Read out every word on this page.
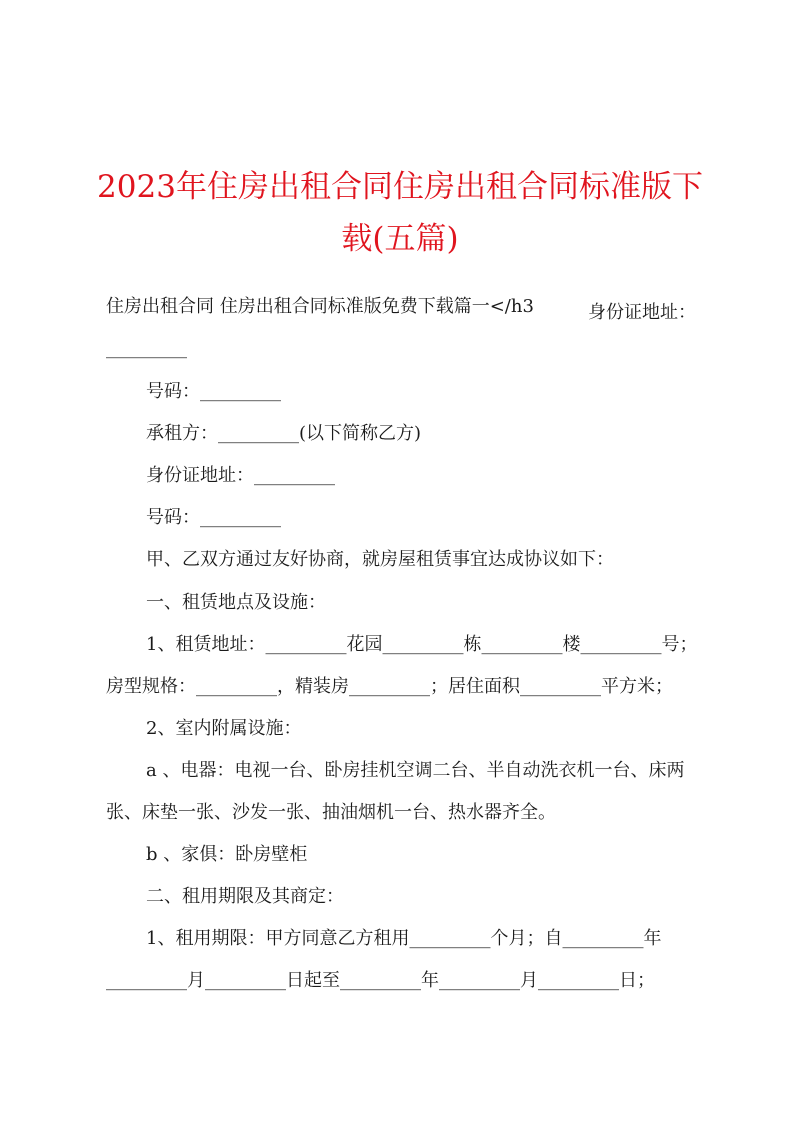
2023年住房出租合同住房出租合同标准版下
载(五篇)
住房出租合同 住房出租合同标准版免费下载篇一</h3	身份证地址：
_________
号码：_________
承租方：_________(以下简称乙方)
身份证地址：_________
号码：_________
甲、乙双方通过友好协商，就房屋租赁事宜达成协议如下：
一、租赁地点及设施：
1、租赁地址：_________花园_________栋_________楼_________号；
房型规格：_________，精装房_________；居住面积_________平方米；
2、室内附属设施：
a 、电器：电视一台、卧房挂机空调二台、半自动洗衣机一台、床两
张、床垫一张、沙发一张、抽油烟机一台、热水器齐全。
b 、家俱：卧房壁柜
二、租用期限及其商定：
1、租用期限：甲方同意乙方租用_________个月；自_________年
_________月_________日起至_________年_________月_________日；
